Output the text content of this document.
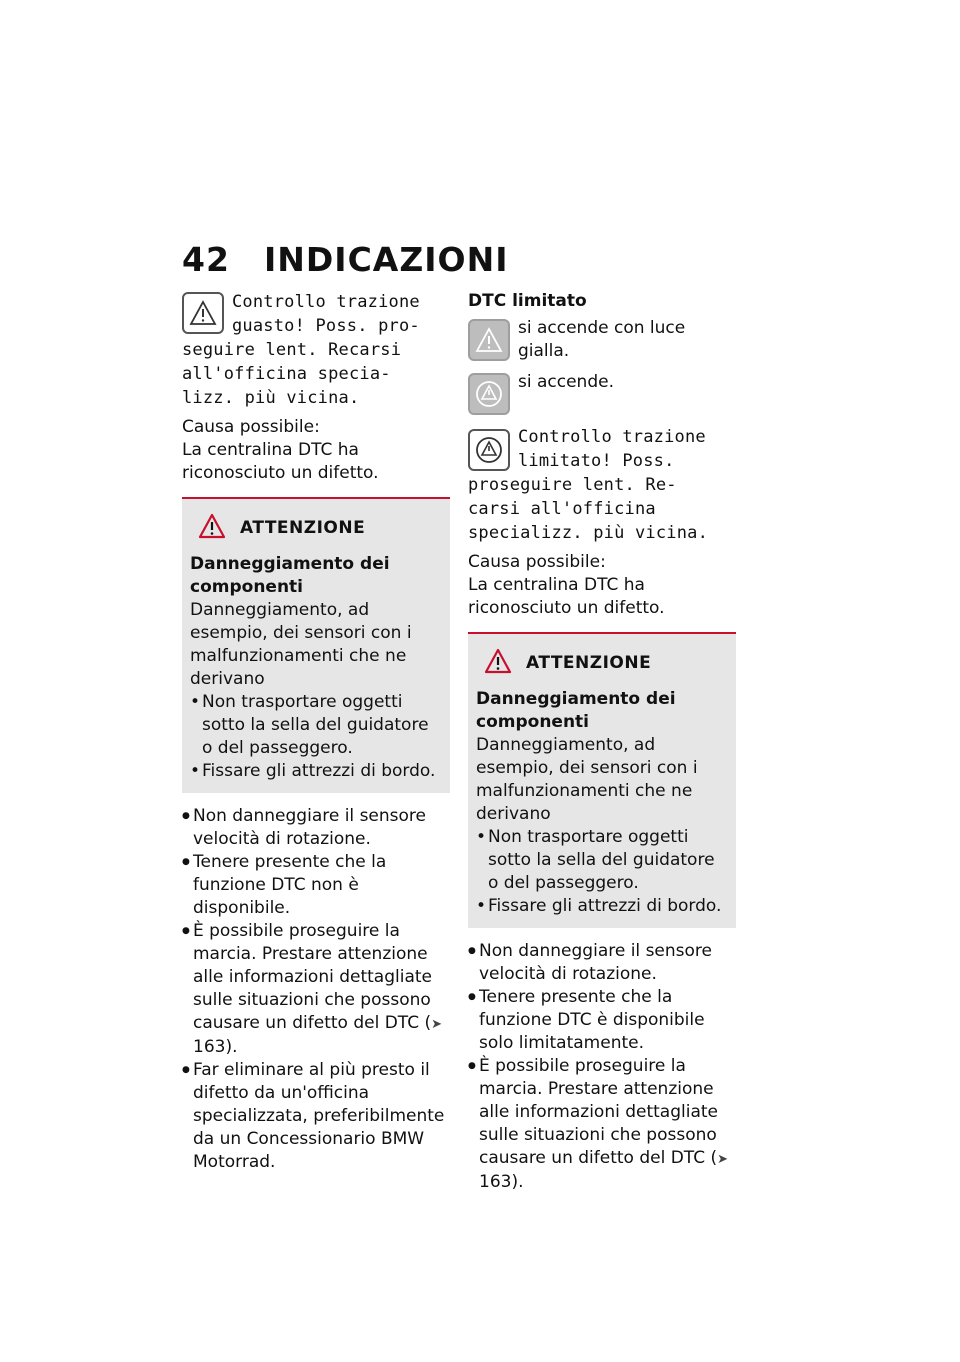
42 INDICAZIONI
Controllo trazione
guasto! Poss. pro-
seguire lent. Recarsi
all'officina specia-
lizz. più vicina.
Causa possibile:
La centralina DTC ha riconosciuto un difetto.
ATTENZIONE
Danneggiamento dei componenti
Danneggiamento, ad esempio, dei sensori con i malfunzionamenti che ne derivano
• Non trasportare oggetti sotto la sella del guidatore o del passeggero.
• Fissare gli attrezzi di bordo.
● Non danneggiare il sensore velocità di rotazione.
● Tenere presente che la funzione DTC non è disponibile.
● È possibile proseguire la marcia. Prestare attenzione alle informazioni dettagliate sulle situazioni che possono causare un difetto del DTC (➤ 163).
● Far eliminare al più presto il difetto da un'officina specializzata, preferibilmente da un Concessionario BMW Motorrad.
DTC limitato
si accende con luce gialla.
si accende.
Controllo trazione
limitato! Poss.
proseguire lent. Re-
carsi all'officina
specializz. più vicina.
Causa possibile:
La centralina DTC ha riconosciuto un difetto.
ATTENZIONE
Danneggiamento dei componenti
Danneggiamento, ad esempio, dei sensori con i malfunzionamenti che ne derivano
• Non trasportare oggetti sotto la sella del guidatore o del passeggero.
• Fissare gli attrezzi di bordo.
● Non danneggiare il sensore velocità di rotazione.
● Tenere presente che la funzione DTC è disponibile solo limitatamente.
● È possibile proseguire la marcia. Prestare attenzione alle informazioni dettagliate sulle situazioni che possono causare un difetto del DTC (➤ 163).
